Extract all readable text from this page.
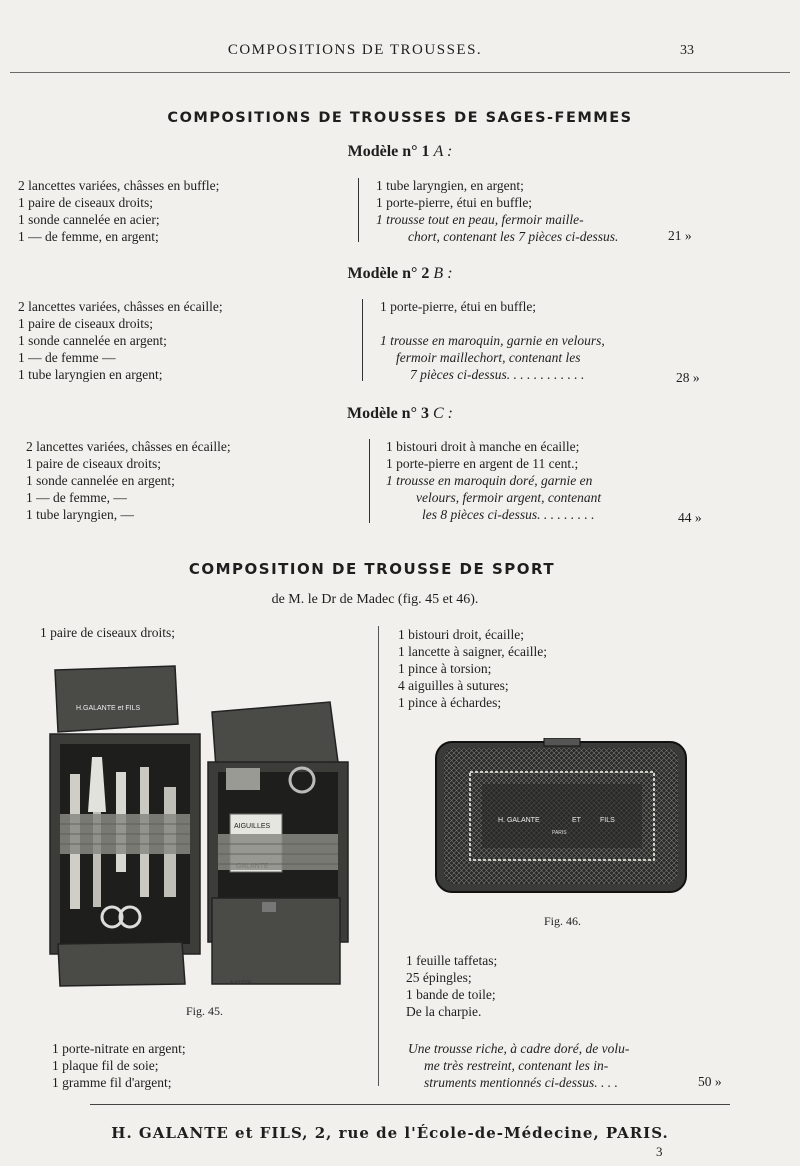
COMPOSITIONS DE TROUSSES.	33
COMPOSITIONS DE TROUSSES DE SAGES-FEMMES
Modèle n° 1 A :
2 lancettes variées, châsses en buffle;
1 paire de ciseaux droits;
1 sonde cannelée en acier;
1 — de femme, en argent;
1 tube laryngien, en argent;
1 porte-pierre, étui en buffle;
1 trousse tout en peau, fermoir maille-
chort, contenant les 7 pièces ci-dessus.	21 »
Modèle n° 2 B :
2 lancettes variées, châsses en écaille;
1 paire de ciseaux droits;
1 sonde cannelée en argent;
1 — de femme —
1 tube laryngien en argent;
1 porte-pierre, étui en buffle;
1 trousse en maroquin, garnie en velours,
fermoir maillechort, contenant les
7 pièces ci-dessus. . . . . . . . . . . .	28 »
Modèle n° 3 C :
2 lancettes variées, châsses en écaille;
1 paire de ciseaux droits;
1 sonde cannelée en argent;
1 — de femme, —
1 tube laryngien, —
1 bistouri droit à manche en écaille;
1 porte-pierre en argent de 11 cent.;
1 trousse en maroquin doré, garnie en
velours, fermoir argent, contenant
les 8 pièces ci-dessus. . . . . . . . .	44 »
COMPOSITION DE TROUSSE DE SPORT
de M. le Dr de Madec (fig. 45 et 46).
1 paire de ciseaux droits;
H.GALANTE et FILS
AIGUILLES
A·HUSSE
Fig. 45.
1 bistouri droit, écaille;
1 lancette à saigner, écaille;
1 pince à torsion;
4 aiguilles à sutures;
1 pince à échardes;
H. GALANTE	ET	FILS
PARIS
Fig. 46.
1 feuille taffetas;
25 épingles;
1 bande de toile;
De la charpie.
1 porte-nitrate en argent;
1 plaque fil de soie;
1 gramme fil d'argent;
Une trousse riche, à cadre doré, de volu-
me très restreint, contenant les in-
struments mentionnés ci-dessus. . . .	50 »
H. GALANTE et FILS, 2, rue de l'École-de-Médecine, PARIS.
3
